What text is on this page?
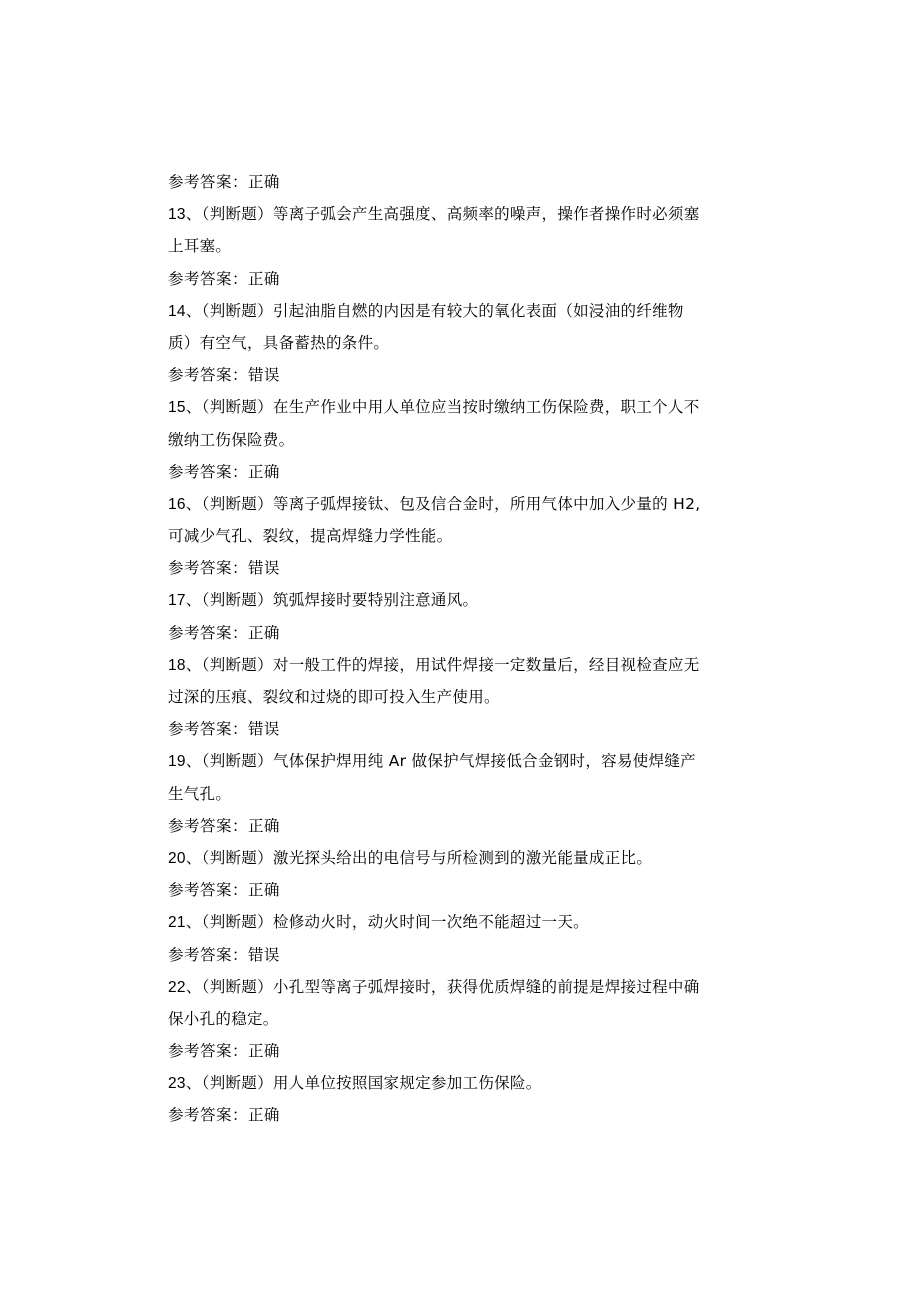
参考答案：正确
13、（判断题）等离子弧会产生高强度、高频率的噪声，操作者操作时必须塞
上耳塞。
参考答案：正确
14、（判断题）引起油脂自燃的内因是有较大的氧化表面（如浸油的纤维物
质）有空气，具备蓄热的条件。
参考答案：错误
15、（判断题）在生产作业中用人单位应当按时缴纳工伤保险费，职工个人不
缴纳工伤保险费。
参考答案：正确
16、（判断题）等离子弧焊接钛、包及信合金时，所用气体中加入少量的 H2,
可减少气孔、裂纹，提高焊缝力学性能。
参考答案：错误
17、（判断题）筑弧焊接时要特别注意通风。
参考答案：正确
18、（判断题）对一般工件的焊接，用试件焊接一定数量后，经目视检查应无
过深的压痕、裂纹和过烧的即可投入生产使用。
参考答案：错误
19、（判断题）气体保护焊用纯 Ar 做保护气焊接低合金钢时，容易使焊缝产
生气孔。
参考答案：正确
20、（判断题）激光探头给出的电信号与所检测到的激光能量成正比。
参考答案：正确
21、（判断题）检修动火时，动火时间一次绝不能超过一天。
参考答案：错误
22、（判断题）小孔型等离子弧焊接时，获得优质焊缝的前提是焊接过程中确
保小孔的稳定。
参考答案：正确
23、（判断题）用人单位按照国家规定参加工伤保险。
参考答案：正确
